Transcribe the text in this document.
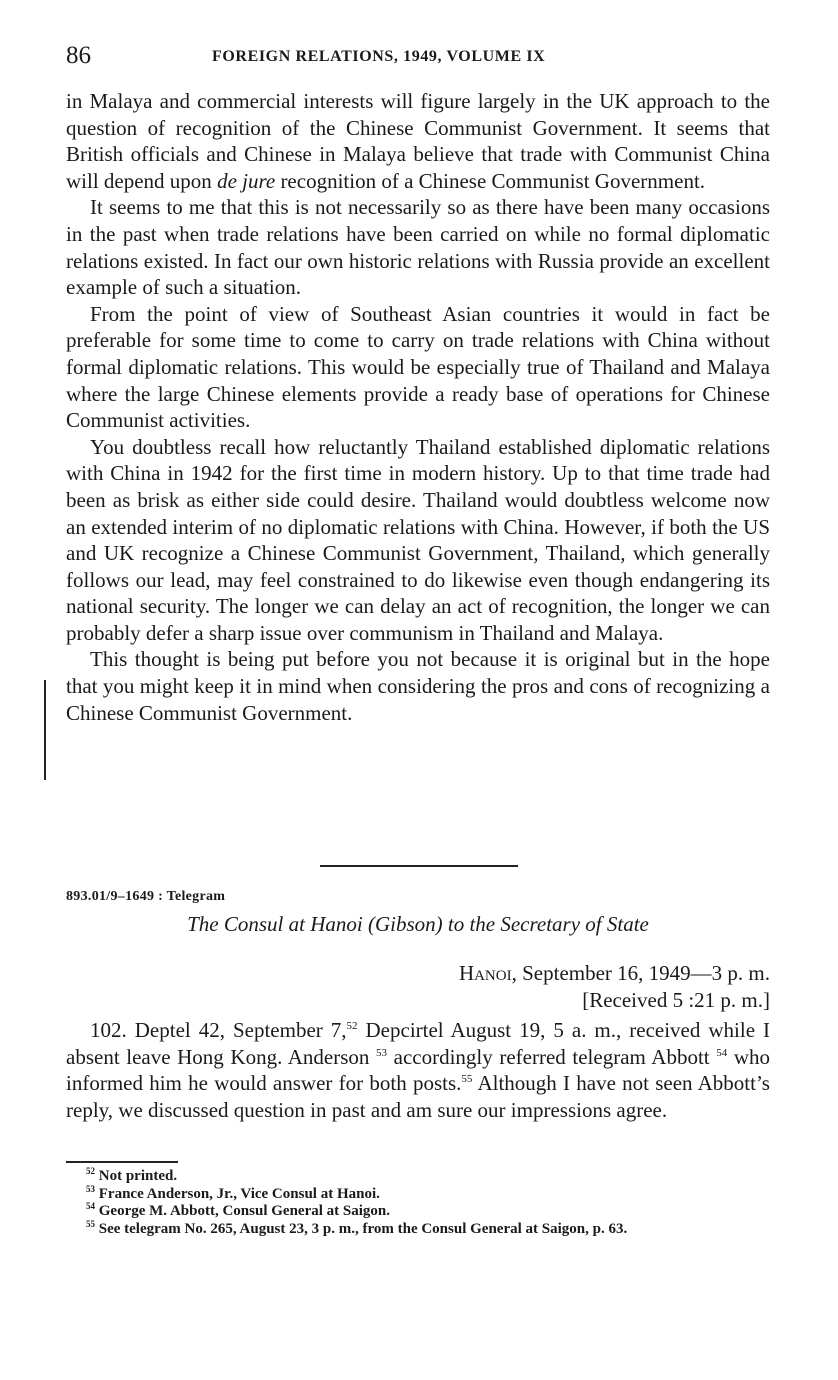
86	FOREIGN RELATIONS, 1949, VOLUME IX

in Malaya and commercial interests will figure largely in the UK approach to the question of recognition of the Chinese Communist Government. It seems that British officials and Chinese in Malaya believe that trade with Communist China will depend upon de jure recognition of a Chinese Communist Government.

It seems to me that this is not necessarily so as there have been many occasions in the past when trade relations have been carried on while no formal diplomatic relations existed. In fact our own historic relations with Russia provide an excellent example of such a situation.

From the point of view of Southeast Asian countries it would in fact be preferable for some time to come to carry on trade relations with China without formal diplomatic relations. This would be especially true of Thailand and Malaya where the large Chinese elements provide a ready base of operations for Chinese Communist activities.

You doubtless recall how reluctantly Thailand established diplomatic relations with China in 1942 for the first time in modern history. Up to that time trade had been as brisk as either side could desire. Thailand would doubtless welcome now an extended interim of no diplomatic relations with China. However, if both the US and UK recognize a Chinese Communist Government, Thailand, which generally follows our lead, may feel constrained to do likewise even though endangering its national security. The longer we can delay an act of recognition, the longer we can probably defer a sharp issue over communism in Thailand and Malaya.

This thought is being put before you not because it is original but in the hope that you might keep it in mind when considering the pros and cons of recognizing a Chinese Communist Government.

893.01/9–1649 : Telegram
The Consul at Hanoi (Gibson) to the Secretary of State
Hanoi, September 16, 1949—3 p. m.
[Received 5 :21 p. m.]

102. Deptel 42, September 7,52 Depcirtel August 19, 5 a. m., received while I absent leave Hong Kong. Anderson $^{53}$ accordingly referred telegram Abbott $^{54}$ who informed him he would answer for both posts.$^{55}$ Although I have not seen Abbott’s reply, we discussed question in past and am sure our impressions agree.

$^{52}$ Not printed.

$^{53}$ France Anderson, Jr., Vice Consul at Hanoi.

$^{54}$ George M. Abbott, Consul General at Saigon.

$^{55}$ See telegram No. 265, August 23, 3 p. m., from the Consul General at Saigon, p. 63.
